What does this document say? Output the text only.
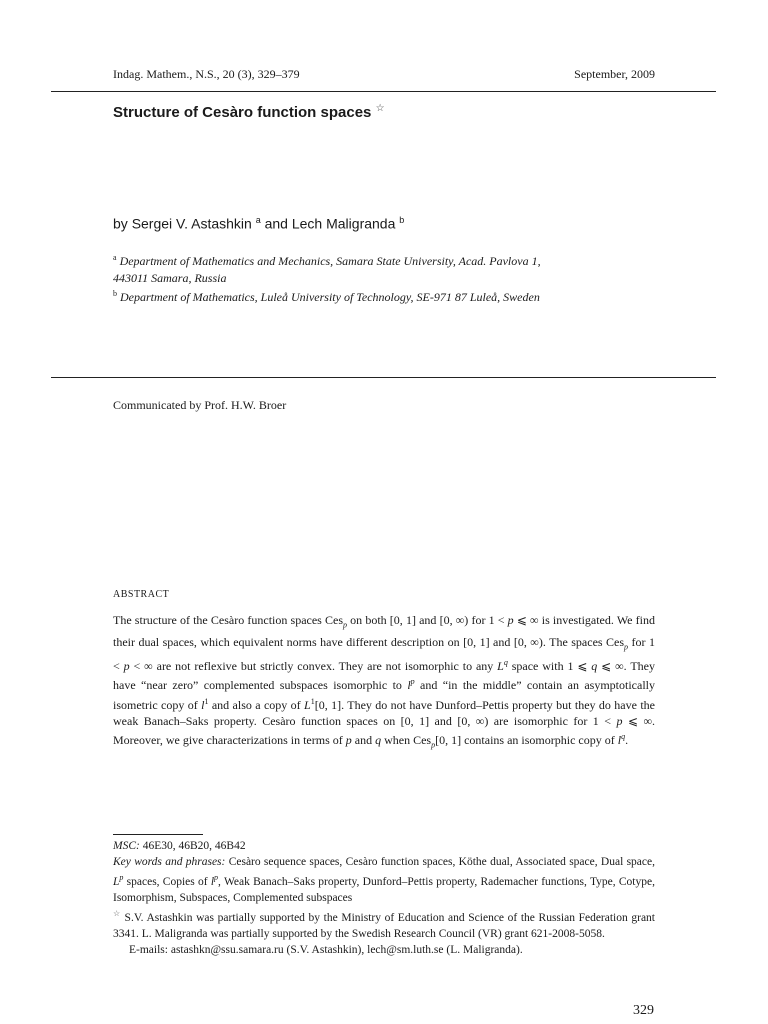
Indag. Mathem., N.S., 20 (3), 329–379	September, 2009
Structure of Cesàro function spaces ☆
by Sergei V. Astashkin $^a$ and Lech Maligranda $^b$
$^a$ Department of Mathematics and Mechanics, Samara State University, Acad. Pavlova 1,
443011 Samara, Russia
$^b$ Department of Mathematics, Luleå University of Technology, SE-971 87 Luleå, Sweden
Communicated by Prof. H.W. Broer
ABSTRACT
The structure of the Cesàro function spaces Ces$_p$ on both [0, 1] and [0, ∞) for 1 < p ⩽ ∞ is investigated. We find their dual spaces, which equivalent norms have different description on [0, 1] and [0, ∞). The spaces Ces$_p$ for 1 < p < ∞ are not reflexive but strictly convex. They are not isomorphic to any $L^q$ space with 1 ⩽ q ⩽ ∞. They have “near zero” complemented subspaces isomorphic to $l^p$ and “in the middle” contain an asymptotically isometric copy of $l^1$ and also a copy of $L^1[0$, 1]. They do not have Dunford–Pettis property but they do have the weak Banach–Saks property. Cesàro function spaces on [0, 1] and [0, ∞) are isomorphic for 1 < p ⩽ ∞. Moreover, we give characterizations in terms of p and q when Ces$_p$[0, 1] contains an isomorphic copy of $l^q$.

MSC: 46E30, 46B20, 46B42

Key words and phrases: Cesàro sequence spaces, Cesàro function spaces, Köthe dual, Associated space, Dual space, $L^p$ spaces, Copies of $l^p$, Weak Banach–Saks property, Dunford–Pettis property, Rademacher functions, Type, Cotype, Isomorphism, Subspaces, Complemented subspaces

☆ S.V. Astashkin was partially supported by the Ministry of Education and Science of the Russian Federation grant 3341. L. Maligranda was partially supported by the Swedish Research Council (VR) grant 621-2008-5058.

E-mails: astashkn@ssu.samara.ru (S.V. Astashkin), lech@sm.luth.se (L. Maligranda).

329
